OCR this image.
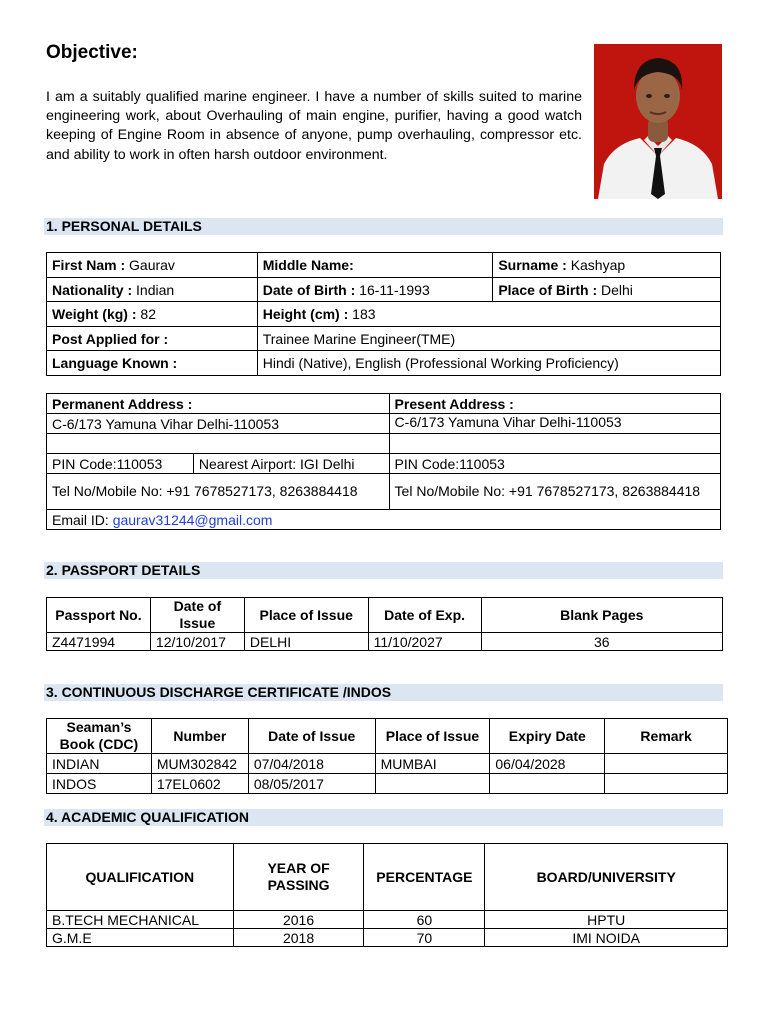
Objective:

I am a suitably qualified marine engineer. I have a number of skills suited to marine engineering work, about Overhauling of main engine, purifier, having a good watch keeping of Engine Room in absence of anyone, pump overhauling, compressor etc. and ability to work in often harsh outdoor environment.

1. PERSONAL DETAILS
First Nam : Gaurav	Middle Name:	Surname : Kashyap
Nationality : Indian	Date of Birth : 16-11-1993	Place of Birth : Delhi
Weight (kg) : 82	Height (cm) : 183	
Post Applied for :	Trainee Marine Engineer(TME)	
Language Known :	Hindi (Native), English (Professional Working Proficiency)	
Permanent Address :		Present Address :
C-6/173 Yamuna Vihar Delhi-110053		C-6/173 Yamuna Vihar Delhi-110053

PIN Code:110053	Nearest Airport: IGI Delhi	PIN Code:110053
Tel No/Mobile No: +91 7678527173, 8263884418		Tel No/Mobile No: +91 7678527173, 8263884418
Email ID: gaurav31244@gmail.com		
2. PASSPORT DETAILS
Passport No.	Date of Issue	Place of Issue	Date of Exp.	Blank Pages
Z4471994	12/10/2017	DELHI	11/10/2027	36
3. CONTINUOUS DISCHARGE CERTIFICATE /INDOS
Seaman’s Book (CDC)	Number	Date of Issue	Place of Issue	Expiry Date	Remark
INDIAN	MUM302842	07/04/2018	MUMBAI	06/04/2028	
INDOS	17EL0602	08/05/2017			
4. ACADEMIC QUALIFICATION
QUALIFICATION	YEAR OF PASSING	PERCENTAGE	BOARD/UNIVERSITY
B.TECH MECHANICAL	2016	60	HPTU
G.M.E	2018	70	IMI NOIDA
